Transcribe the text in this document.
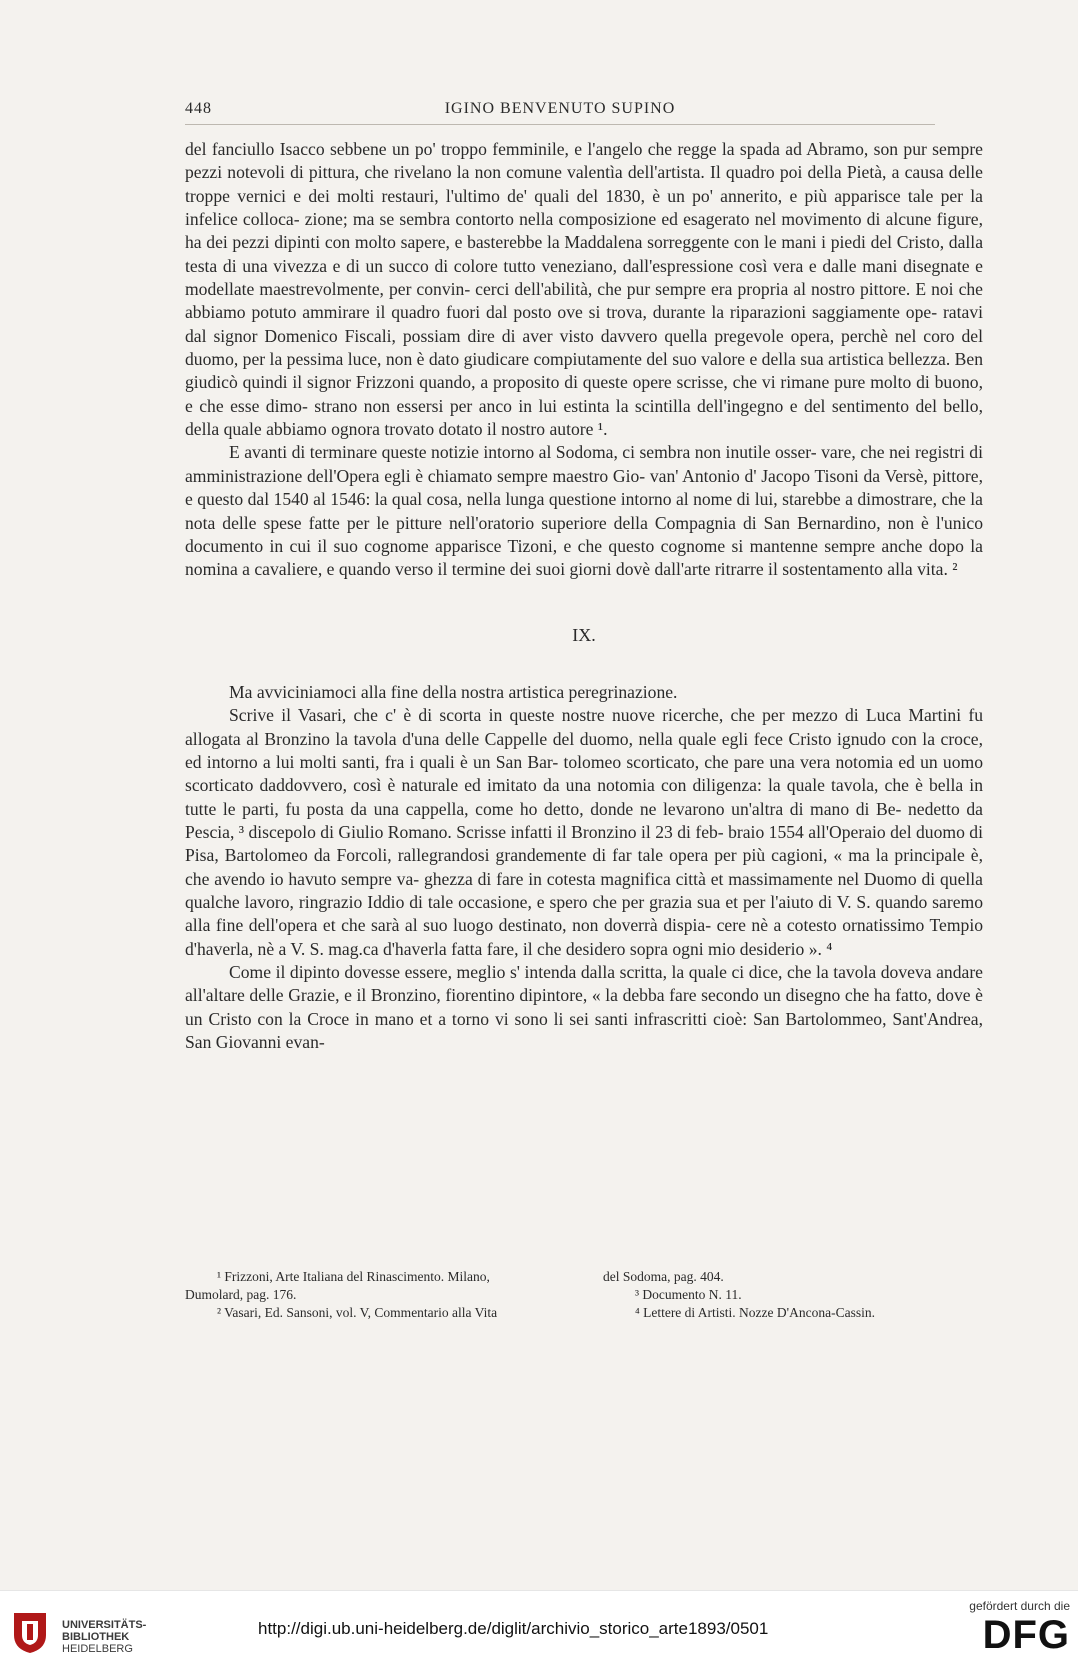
448	IGINO BENVENUTO SUPINO

del fanciullo Isacco sebbene un po' troppo femminile, e l'angelo che regge la spada ad Abramo, son pur sempre pezzi notevoli di pittura, che rivelano la non comune valentìa dell'artista. Il quadro poi della Pietà, a causa delle troppe vernici e dei molti restauri, l'ultimo de' quali del 1830, è un po' annerito, e più apparisce tale per la infelice colloca- zione; ma se sembra contorto nella composizione ed esagerato nel movimento di alcune figure, ha dei pezzi dipinti con molto sapere, e basterebbe la Maddalena sorreggente con le mani i piedi del Cristo, dalla testa di una vivezza e di un succo di colore tutto veneziano, dall'espressione così vera e dalle mani disegnate e modellate maestrevolmente, per convin- cerci dell'abilità, che pur sempre era propria al nostro pittore. E noi che abbiamo potuto ammirare il quadro fuori dal posto ove si trova, durante la riparazioni saggiamente ope- ratavi dal signor Domenico Fiscali, possiam dire di aver visto davvero quella pregevole opera, perchè nel coro del duomo, per la pessima luce, non è dato giudicare compiutamente del suo valore e della sua artistica bellezza. Ben giudicò quindi il signor Frizzoni quando, a proposito di queste opere scrisse, che vi rimane pure molto di buono, e che esse dimo- strano non essersi per anco in lui estinta la scintilla dell'ingegno e del sentimento del bello, della quale abbiamo ognora trovato dotato il nostro autore ¹.

E avanti di terminare queste notizie intorno al Sodoma, ci sembra non inutile osser- vare, che nei registri di amministrazione dell'Opera egli è chiamato sempre maestro Gio- van' Antonio d' Jacopo Tisoni da Versè, pittore, e questo dal 1540 al 1546: la qual cosa, nella lunga questione intorno al nome di lui, starebbe a dimostrare, che la nota delle spese fatte per le pitture nell'oratorio superiore della Compagnia di San Bernardino, non è l'unico documento in cui il suo cognome apparisce Tizoni, e che questo cognome si mantenne sempre anche dopo la nomina a cavaliere, e quando verso il termine dei suoi giorni dovè dall'arte ritrarre il sostentamento alla vita. ²

IX.

Ma avviciniamoci alla fine della nostra artistica peregrinazione.

Scrive il Vasari, che c' è di scorta in queste nostre nuove ricerche, che per mezzo di Luca Martini fu allogata al Bronzino la tavola d'una delle Cappelle del duomo, nella quale egli fece Cristo ignudo con la croce, ed intorno a lui molti santi, fra i quali è un San Bar- tolomeo scorticato, che pare una vera notomia ed un uomo scorticato daddovvero, così è naturale ed imitato da una notomia con diligenza: la quale tavola, che è bella in tutte le parti, fu posta da una cappella, come ho detto, donde ne levarono un'altra di mano di Be- nedetto da Pescia, ³ discepolo di Giulio Romano. Scrisse infatti il Bronzino il 23 di feb- braio 1554 all'Operaio del duomo di Pisa, Bartolomeo da Forcoli, rallegrandosi grandemente di far tale opera per più cagioni, « ma la principale è, che avendo io havuto sempre va- ghezza di fare in cotesta magnifica città et massimamente nel Duomo di quella qualche lavoro, ringrazio Iddio di tale occasione, e spero che per grazia sua et per l'aiuto di V. S. quando saremo alla fine dell'opera et che sarà al suo luogo destinato, non doverrà dispia- cere nè a cotesto ornatissimo Tempio d'haverla, nè a V. S. mag.ca d'haverla fatta fare, il che desidero sopra ogni mio desiderio ». ⁴

Come il dipinto dovesse essere, meglio s' intenda dalla scritta, la quale ci dice, che la tavola doveva andare all'altare delle Grazie, e il Bronzino, fiorentino dipintore, « la debba fare secondo un disegno che ha fatto, dove è un Cristo con la Croce in mano et a torno vi sono li sei santi infrascritti cioè: San Bartolommeo, Sant'Andrea, San Giovanni evan-

¹ Frizzoni, Arte Italiana del Rinascimento. Milano,
Dumolard, pag. 176.
² Vasari, Ed. Sansoni, vol. V, Commentario alla Vita
del Sodoma, pag. 404.
³ Documento N. 11.
⁴ Lettere di Artisti. Nozze D'Ancona-Cassin.
UNIVERSITÄTS-
BIBLIOTHEK
HEIDELBERG
http://digi.ub.uni-heidelberg.de/diglit/archivio_storico_arte1893/0501
gefördert durch die
DFG
